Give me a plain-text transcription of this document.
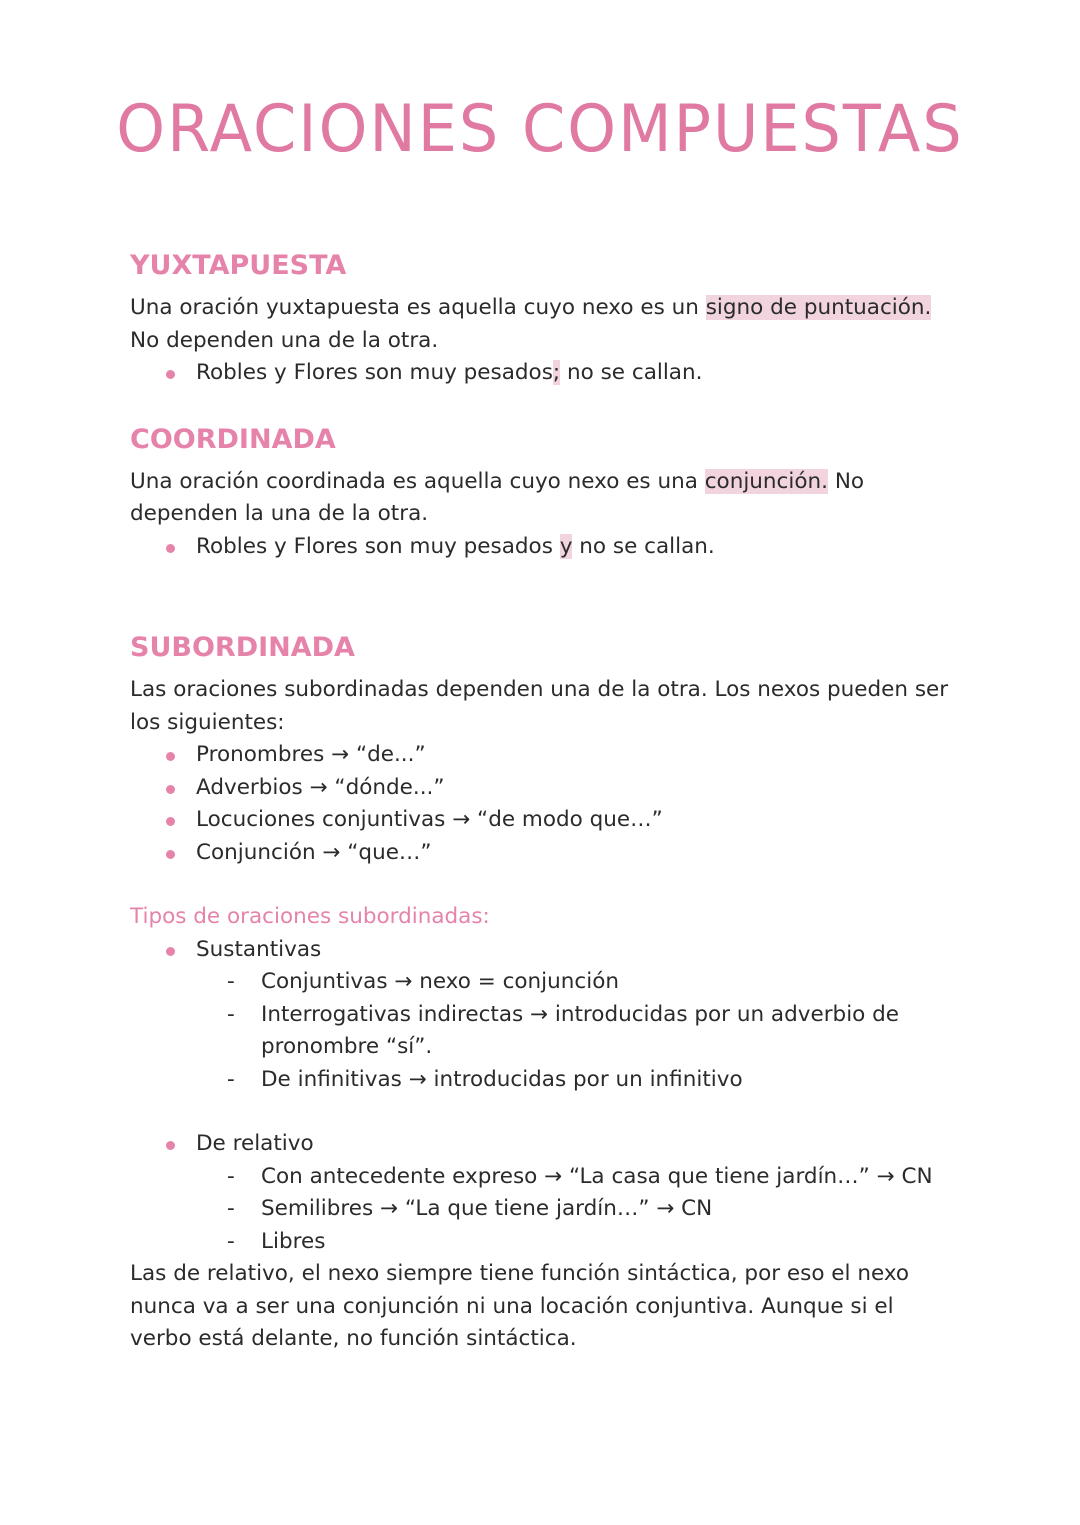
ORACIONES COMPUESTAS
YUXTAPUESTA

Una oración yuxtapuesta es aquella cuyo nexo es un signo de puntuación. No dependen una de la otra.

Robles y Flores son muy pesados; no se callan.
COORDINADA

Una oración coordinada es aquella cuyo nexo es una conjunción. No dependen la una de la otra.

Robles y Flores son muy pesados y no se callan.
SUBORDINADA

Las oraciones subordinadas dependen una de la otra. Los nexos pueden ser los siguientes:

Pronombres → “de...”
Adverbios → “dónde...”
Locuciones conjuntivas → “de modo que…”
Conjunción → “que…”

Tipos de oraciones subordinadas:

Sustantivas
- Conjuntivas → nexo = conjunción
- Interrogativas indirectas → introducidas por un adverbio de pronombre “sí”.
- De infinitivas → introducidas por un infinitivo
De relativo
- Con antecedente expreso → “La casa que tiene jardín…” → CN
- Semilibres → “La que tiene jardín…” → CN
- Libres

Las de relativo, el nexo siempre tiene función sintáctica, por eso el nexo nunca va a ser una conjunción ni una locación conjuntiva. Aunque si el verbo está delante, no función sintáctica.
